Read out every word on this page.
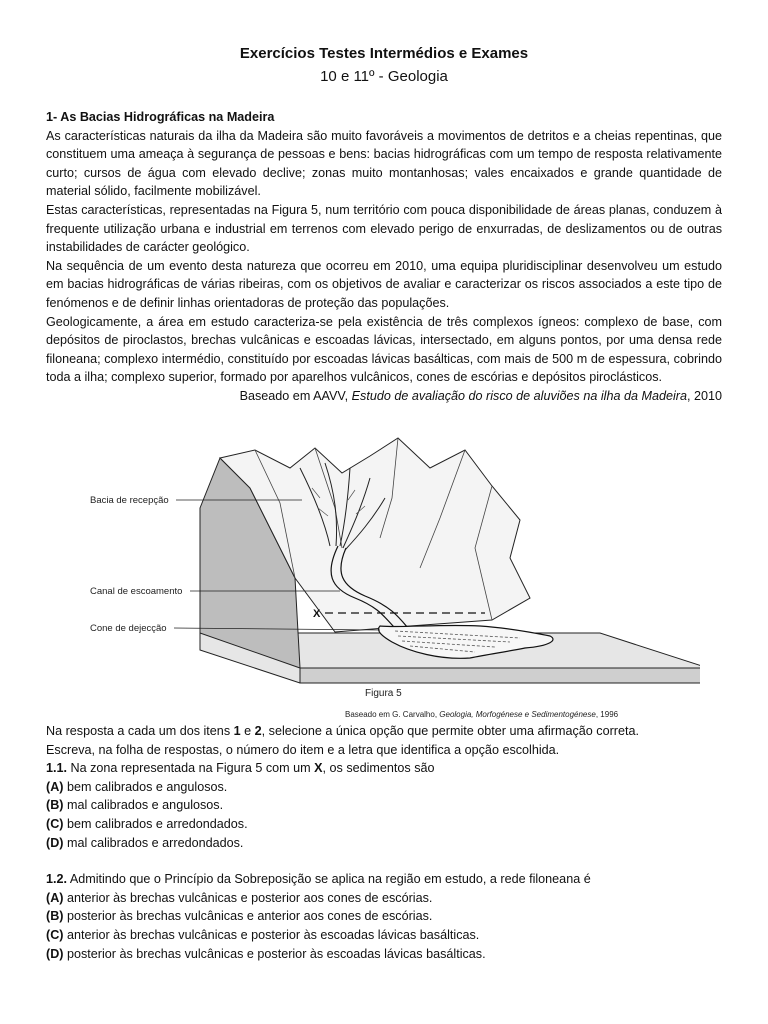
Exercícios Testes Intermédios e Exames
10 e 11º - Geologia

1- As Bacias Hidrográficas na Madeira

As características naturais da ilha da Madeira são muito favoráveis a movimentos de detritos e a cheias repentinas, que constituem uma ameaça à segurança de pessoas e bens: bacias hidrográficas com um tempo de resposta relativamente curto; cursos de água com elevado declive; zonas muito montanhosas; vales encaixados e grande quantidade de material sólido, facilmente mobilizável.

Estas características, representadas na Figura 5, num território com pouca disponibilidade de áreas planas, conduzem à frequente utilização urbana e industrial em terrenos com elevado perigo de enxurradas, de deslizamentos ou de outras instabilidades de carácter geológico.

Na sequência de um evento desta natureza que ocorreu em 2010, uma equipa pluridisciplinar desenvolveu um estudo em bacias hidrográficas de várias ribeiras, com os objetivos de avaliar e caracterizar os riscos associados a este tipo de fenómenos e de definir linhas orientadoras de proteção das populações.

Geologicamente, a área em estudo caracteriza-se pela existência de três complexos ígneos: complexo de base, com depósitos de piroclastos, brechas vulcânicas e escoadas lávicas, intersectado, em alguns pontos, por uma densa rede filoneana; complexo intermédio, constituído por escoadas lávicas basálticas, com mais de 500 m de espessura, cobrindo toda a ilha; complexo superior, formado por aparelhos vulcânicos, cones de escórias e depósitos piroclásticos.

Baseado em AAVV, Estudo de avaliação do risco de aluviões na ilha da Madeira, 2010

X
Bacia de recepção
Canal de escoamento
Cone de dejecção
Figura 5
Baseado em G. Carvalho, Geologia, Morfogénese e Sedimentogénese, 1996

Na resposta a cada um dos itens 1 e 2, selecione a única opção que permite obter uma afirmação correta.

Escreva, na folha de respostas, o número do item e a letra que identifica a opção escolhida.

1.1. Na zona representada na Figura 5 com um X, os sedimentos são

(A) bem calibrados e angulosos.

(B) mal calibrados e angulosos.

(C) bem calibrados e arredondados.

(D) mal calibrados e arredondados.

1.2. Admitindo que o Princípio da Sobreposição se aplica na região em estudo, a rede filoneana é

(A) anterior às brechas vulcânicas e posterior aos cones de escórias.

(B) posterior às brechas vulcânicas e anterior aos cones de escórias.

(C) anterior às brechas vulcânicas e posterior às escoadas lávicas basálticas.

(D) posterior às brechas vulcânicas e posterior às escoadas lávicas basálticas.
